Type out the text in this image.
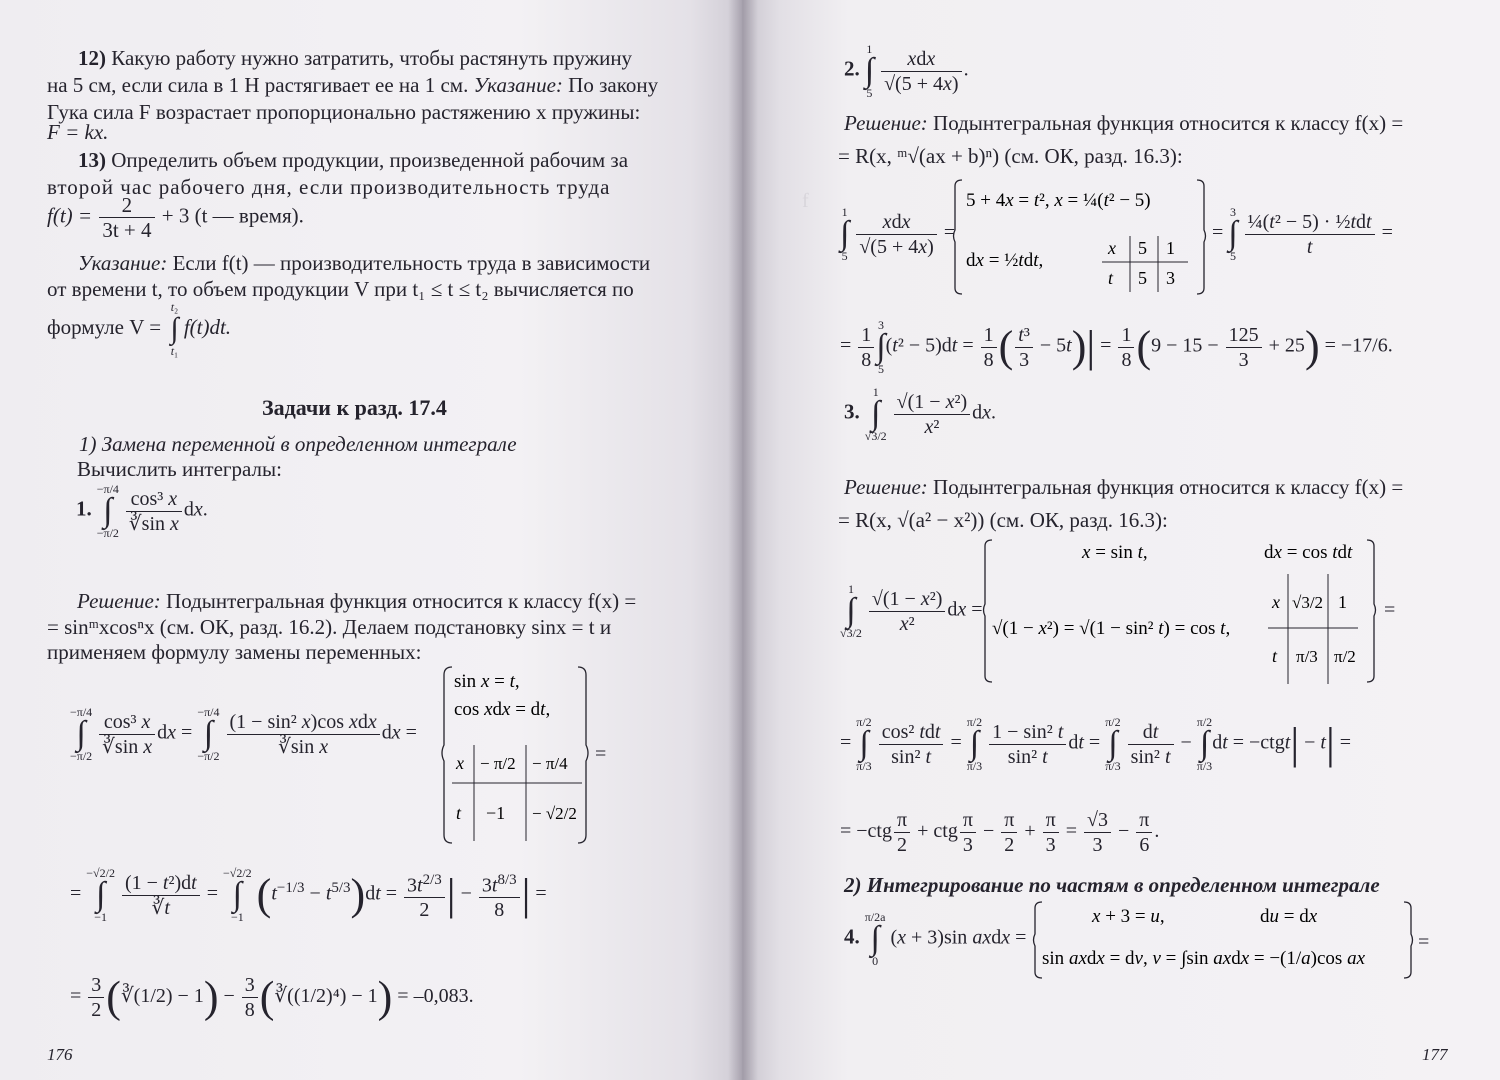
12) Какую работу нужно затратить, чтобы растянуть пружину
на 5 см, если сила в 1 Н растягивает ее на 1 см. Указание: По закону
Гука сила F возрастает пропорционально растяжению x пружины:
F = kx.
13) Определить объем продукции, произведенной рабочим за
второй час рабочего дня, если производительность труда
$f(t) = \frac{2}{3t + 4} + 3$ (t — время).
Указание: Если f(t) — производительность труда в зависимости
от времени t, то объем продукции V при t₁ ≤ t ≤ t₂ вычисляется по
формуле V = t₂
∫
t₁ f(t)dt.
Задачи к разд. 17.4
1) Замена переменной в определенном интеграле
Вычислить интегралы:
1. −π/4
∫
$-\pi/2 \frac{\text{cos³ x}}{\text{∛sin x}}$ dx.
Решение: Подынтегральная функция относится к классу f(x) =
= sinᵐxcosⁿx (см. ОК, разд. 16.2). Делаем подстановку sinx = t и
применяем формулу замены переменных:
−π/4
∫
$-\pi/2 \frac{\text{cos³ x}}{\text{∛sin x}}$ dx = −π/4
∫
$-\pi/2 \frac{\text{(1 − sin² x)cos xdx}}{\text{∛sin x}}$ dx =
sin x = t,
cos xdx = dt,
x − π/2 − π/4
t −1 − √2/2
=
= −√2/2
∫
$-1 \frac{\text{(1 − t²)dt}}{∛t} = -√2/2$
∫
−1 $(t^{-1/3} - t^{5/3})dt = \frac{3t^{2/3}}{2}$ | − $\frac{3t^{8/3}}{8}$ | =
= $\frac{3}{2}$ (∛(1/2) − $1) - \frac{3}{8}$ (∛((1/2)⁴) − 1) = –0,083.
176
f
2. 1
∫
$5 \frac{\text{xdx}}{√(5 + 4x)}$ .
Решение: Подынтегральная функция относится к классу f(x) =
= R(x, ᵐ√(ax + b)ⁿ) (см. ОК, разд. 16.3):
1
∫
$5 \frac{\text{xdx}}{√(5 + 4x)}$ =
5 + 4x = t², x = ¼(t² − 5)
dx = ½tdt,
x 5 1
t 5 3
= 3
∫
$5 \frac{\text{¼(t² − 5) · ½tdt}}{t}$ =
= $\frac{1}{8} 3$
∫
$5(t^2 - 5)dt = \frac{1}{8}$ ( $\frac{\text{t³}}{3} - 5t)| = \frac{1}{8} (9 - 15 - \frac{125}{3} + 25) = -17/6$.
3. 1
∫
$√3/2 \frac{\text{√(1 − x²)}}{\text{x²}}$ dx.
Решение: Подынтегральная функция относится к классу f(x) =
= R(x, √(a² − x²)) (см. ОК, разд. 16.3):
1
∫
$√3/2 \frac{\text{√(1 − x²)}}{\text{x²}}$ dx =
x = sin t,	dx = cos tdt
√(1 − x²) = √(1 − sin² t) = cos t,
x √3/2 1
t π/3 π/2
=
= π/2
∫
$\pi/3 \frac{\text{cos² tdt}}{\text{sin² t}} = \pi/2$
∫
$\pi/3 \frac{\text{1 − sin² t}}{\text{sin² t}}$ dt = π/2
∫
$\pi/3 \frac{dt}{\text{sin² t}} - \pi/2$
∫
π/3dt = −ctgt| − t| =
= $-ctg \frac{\pi}{2}$ + ctg $\frac{\pi}{3} - \frac{\pi}{2} + \frac{\pi}{3} = \frac{√3}{3} - \frac{\pi}{6}$ .
2) Интегрирование по частям в определенном интеграле
4. π/2a
∫
0 (x + 3)sin axdx =
x + 3 = u,	du = dx
sin axdx = dv, v = ∫sin axdx = −(1/a)cos ax
=
177
